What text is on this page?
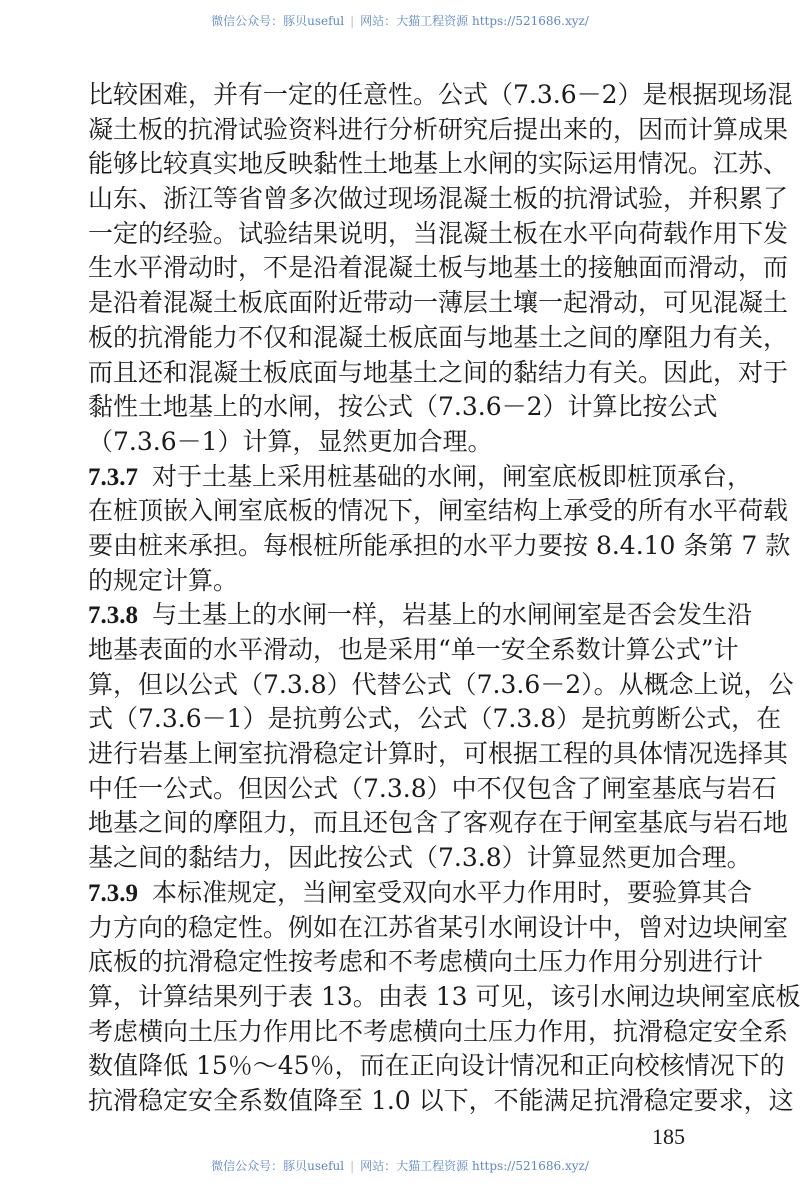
微信公众号：豚贝useful | 网站：大猫工程资源 https://521686.xyz/
比较困难，并有一定的任意性。公式（7.3.6－2）是根据现场混
凝土板的抗滑试验资料进行分析研究后提出来的，因而计算成果
能够比较真实地反映黏性土地基上水闸的实际运用情况。江苏、
山东、浙江等省曾多次做过现场混凝土板的抗滑试验，并积累了
一定的经验。试验结果说明，当混凝土板在水平向荷载作用下发
生水平滑动时，不是沿着混凝土板与地基土的接触面而滑动，而
是沿着混凝土板底面附近带动一薄层土壤一起滑动，可见混凝土
板的抗滑能力不仅和混凝土板底面与地基土之间的摩阻力有关，
而且还和混凝土板底面与地基土之间的黏结力有关。因此，对于
黏性土地基上的水闸，按公式（7.3.6－2）计算比按公式
（7.3.6－1）计算，显然更加合理。
7.3.7 对于土基上采用桩基础的水闸，闸室底板即桩顶承台，
在桩顶嵌入闸室底板的情况下，闸室结构上承受的所有水平荷载
要由桩来承担。每根桩所能承担的水平力要按 8.4.10 条第 7 款
的规定计算。
7.3.8 与土基上的水闸一样，岩基上的水闸闸室是否会发生沿
地基表面的水平滑动，也是采用“单一安全系数计算公式”计
算，但以公式（7.3.8）代替公式（7.3.6－2）。从概念上说，公
式（7.3.6－1）是抗剪公式，公式（7.3.8）是抗剪断公式，在
进行岩基上闸室抗滑稳定计算时，可根据工程的具体情况选择其
中任一公式。但因公式（7.3.8）中不仅包含了闸室基底与岩石
地基之间的摩阻力，而且还包含了客观存在于闸室基底与岩石地
基之间的黏结力，因此按公式（7.3.8）计算显然更加合理。
7.3.9 本标准规定，当闸室受双向水平力作用时，要验算其合
力方向的稳定性。例如在江苏省某引水闸设计中，曾对边块闸室
底板的抗滑稳定性按考虑和不考虑横向土压力作用分别进行计
算，计算结果列于表 13。由表 13 可见，该引水闸边块闸室底板
考虑横向土压力作用比不考虑横向土压力作用，抗滑稳定安全系
数值降低 15％～45％，而在正向设计情况和正向校核情况下的
抗滑稳定安全系数值降至 1.0 以下，不能满足抗滑稳定要求，这
185
微信公众号：豚贝useful | 网站：大猫工程资源 https://521686.xyz/
